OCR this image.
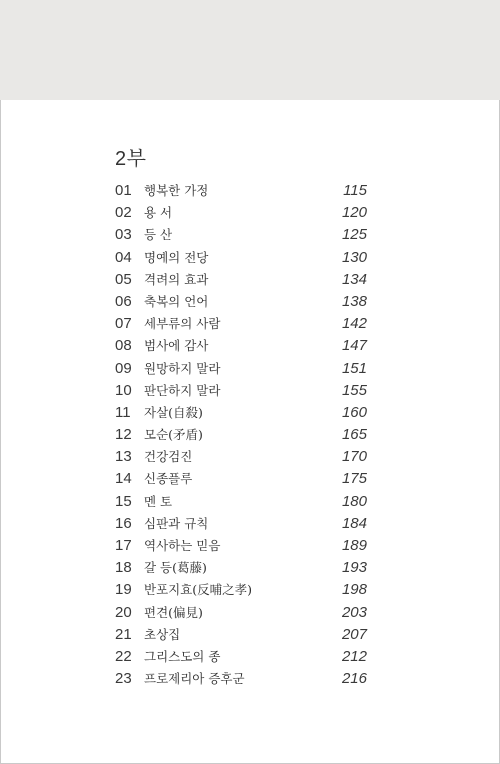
2부
01 행복한 가정	115
02 용 서	120
03 등 산	125
04 명예의 전당	130
05 격려의 효과	134
06 축복의 언어	138
07 세부류의 사람	142
08 범사에 감사	147
09 원망하지 말라	151
10 판단하지 말라	155
11 자살(自殺)	160
12 모순(矛盾)	165
13 건강검진	170
14 신종플루	175
15 멘 토	180
16 심판과 규칙	184
17 역사하는 믿음	189
18 갈 등(葛藤)	193
19 반포지효(反哺之孝)	198
20 편견(偏見)	203
21 초상집	207
22 그리스도의 종	212
23 프로제리아 증후군	216
